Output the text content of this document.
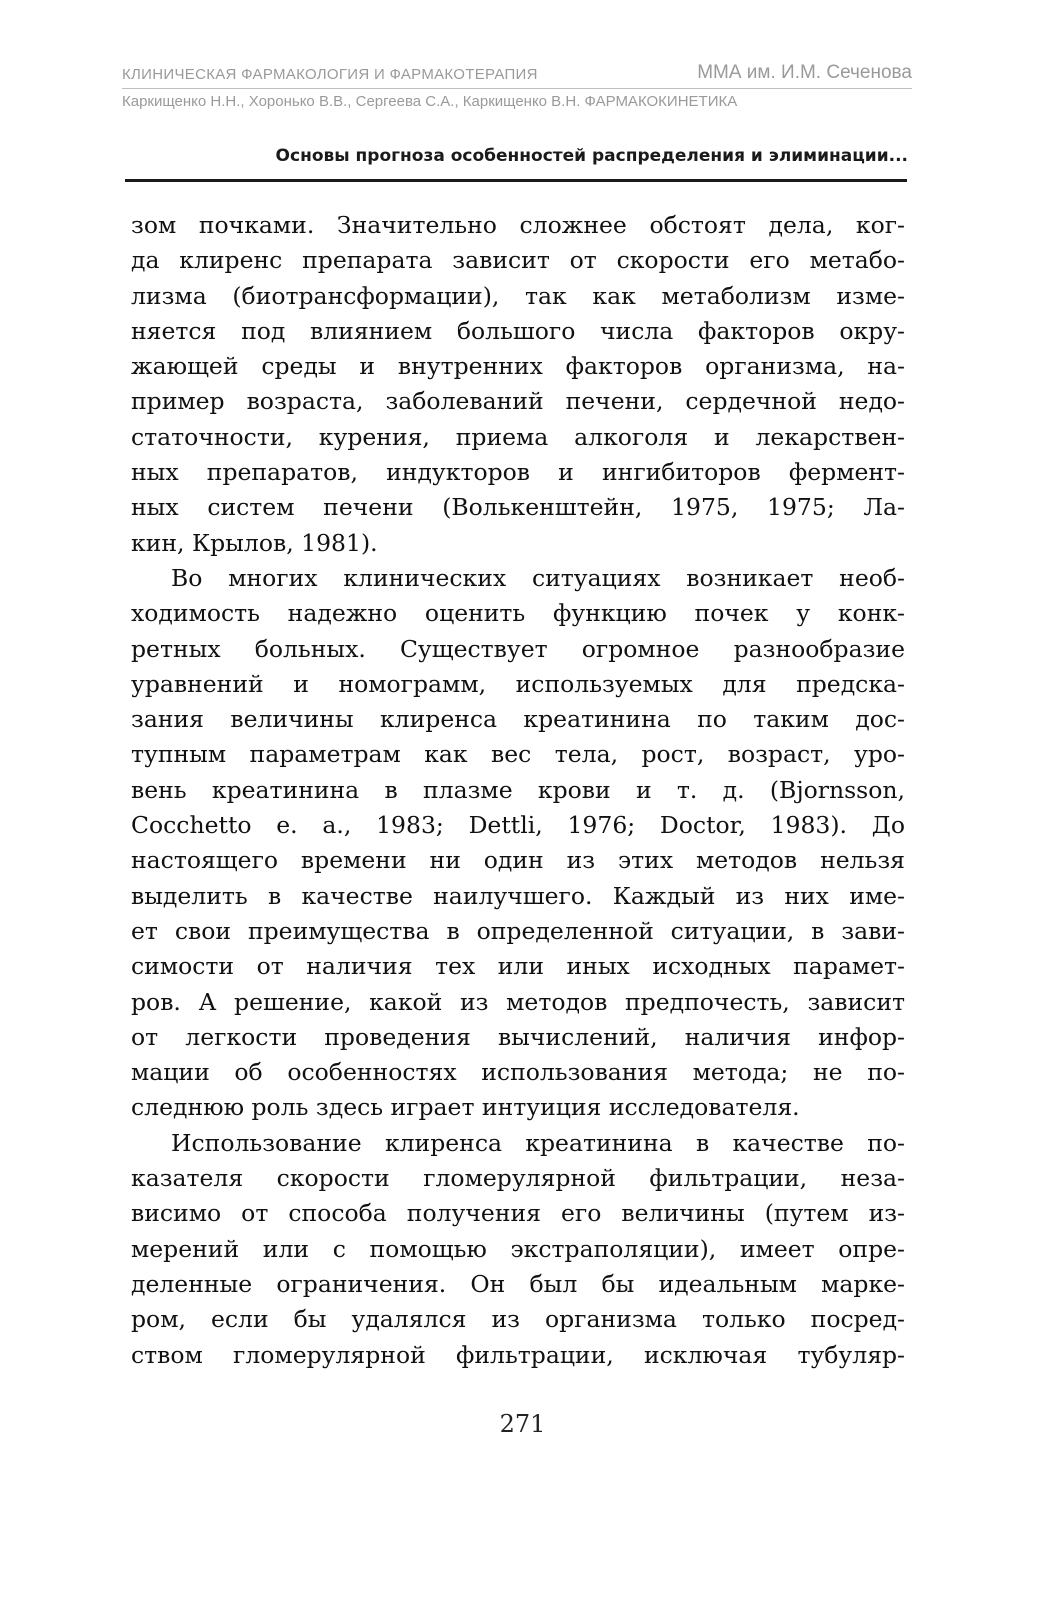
КЛИНИЧЕСКАЯ ФАРМАКОЛОГИЯ И ФАРМАКОТЕРАПИЯ	ММА им. И.М. Сеченова
Каркищенко Н.Н., Хоронько В.В., Сергеева С.А., Каркищенко В.Н. ФАРМАКОКИНЕТИКА
Основы прогноза особенностей распределения и элиминации...
зом почками. Значительно сложнее обстоят дела, ког-
да клиренс препарата зависит от скорости его метабо-
лизма (биотрансформации), так как метаболизм изме-
няется под влиянием большого числа факторов окру-
жающей среды и внутренних факторов организма, на-
пример возраста, заболеваний печени, сердечной недо-
статочности, курения, приема алкоголя и лекарствен-
ных препаратов, индукторов и ингибиторов фермент-
ных систем печени (Волькенштейн, 1975, 1975; Ла-
кин, Крылов, 1981).
Во многих клинических ситуациях возникает необ-
ходимость надежно оценить функцию почек у конк-
ретных больных. Существует огромное разнообразие
уравнений и номограмм, используемых для предска-
зания величины клиренса креатинина по таким дос-
тупным параметрам как вес тела, рост, возраст, уро-
вень креатинина в плазме крови и т. д. (Bjornsson,
Cocchetto e. a., 1983; Dettli, 1976; Doctor, 1983). До
настоящего времени ни один из этих методов нельзя
выделить в качестве наилучшего. Каждый из них име-
ет свои преимущества в определенной ситуации, в зави-
симости от наличия тех или иных исходных парамет-
ров. А решение, какой из методов предпочесть, зависит
от легкости проведения вычислений, наличия инфор-
мации об особенностях использования метода; не по-
следнюю роль здесь играет интуиция исследователя.
Использование клиренса креатинина в качестве по-
казателя скорости гломерулярной фильтрации, неза-
висимо от способа получения его величины (путем из-
мерений или с помощью экстраполяции), имеет опре-
деленные ограничения. Он был бы идеальным марке-
ром, если бы удалялся из организма только посред-
ством гломерулярной фильтрации, исключая тубуляр-
271
